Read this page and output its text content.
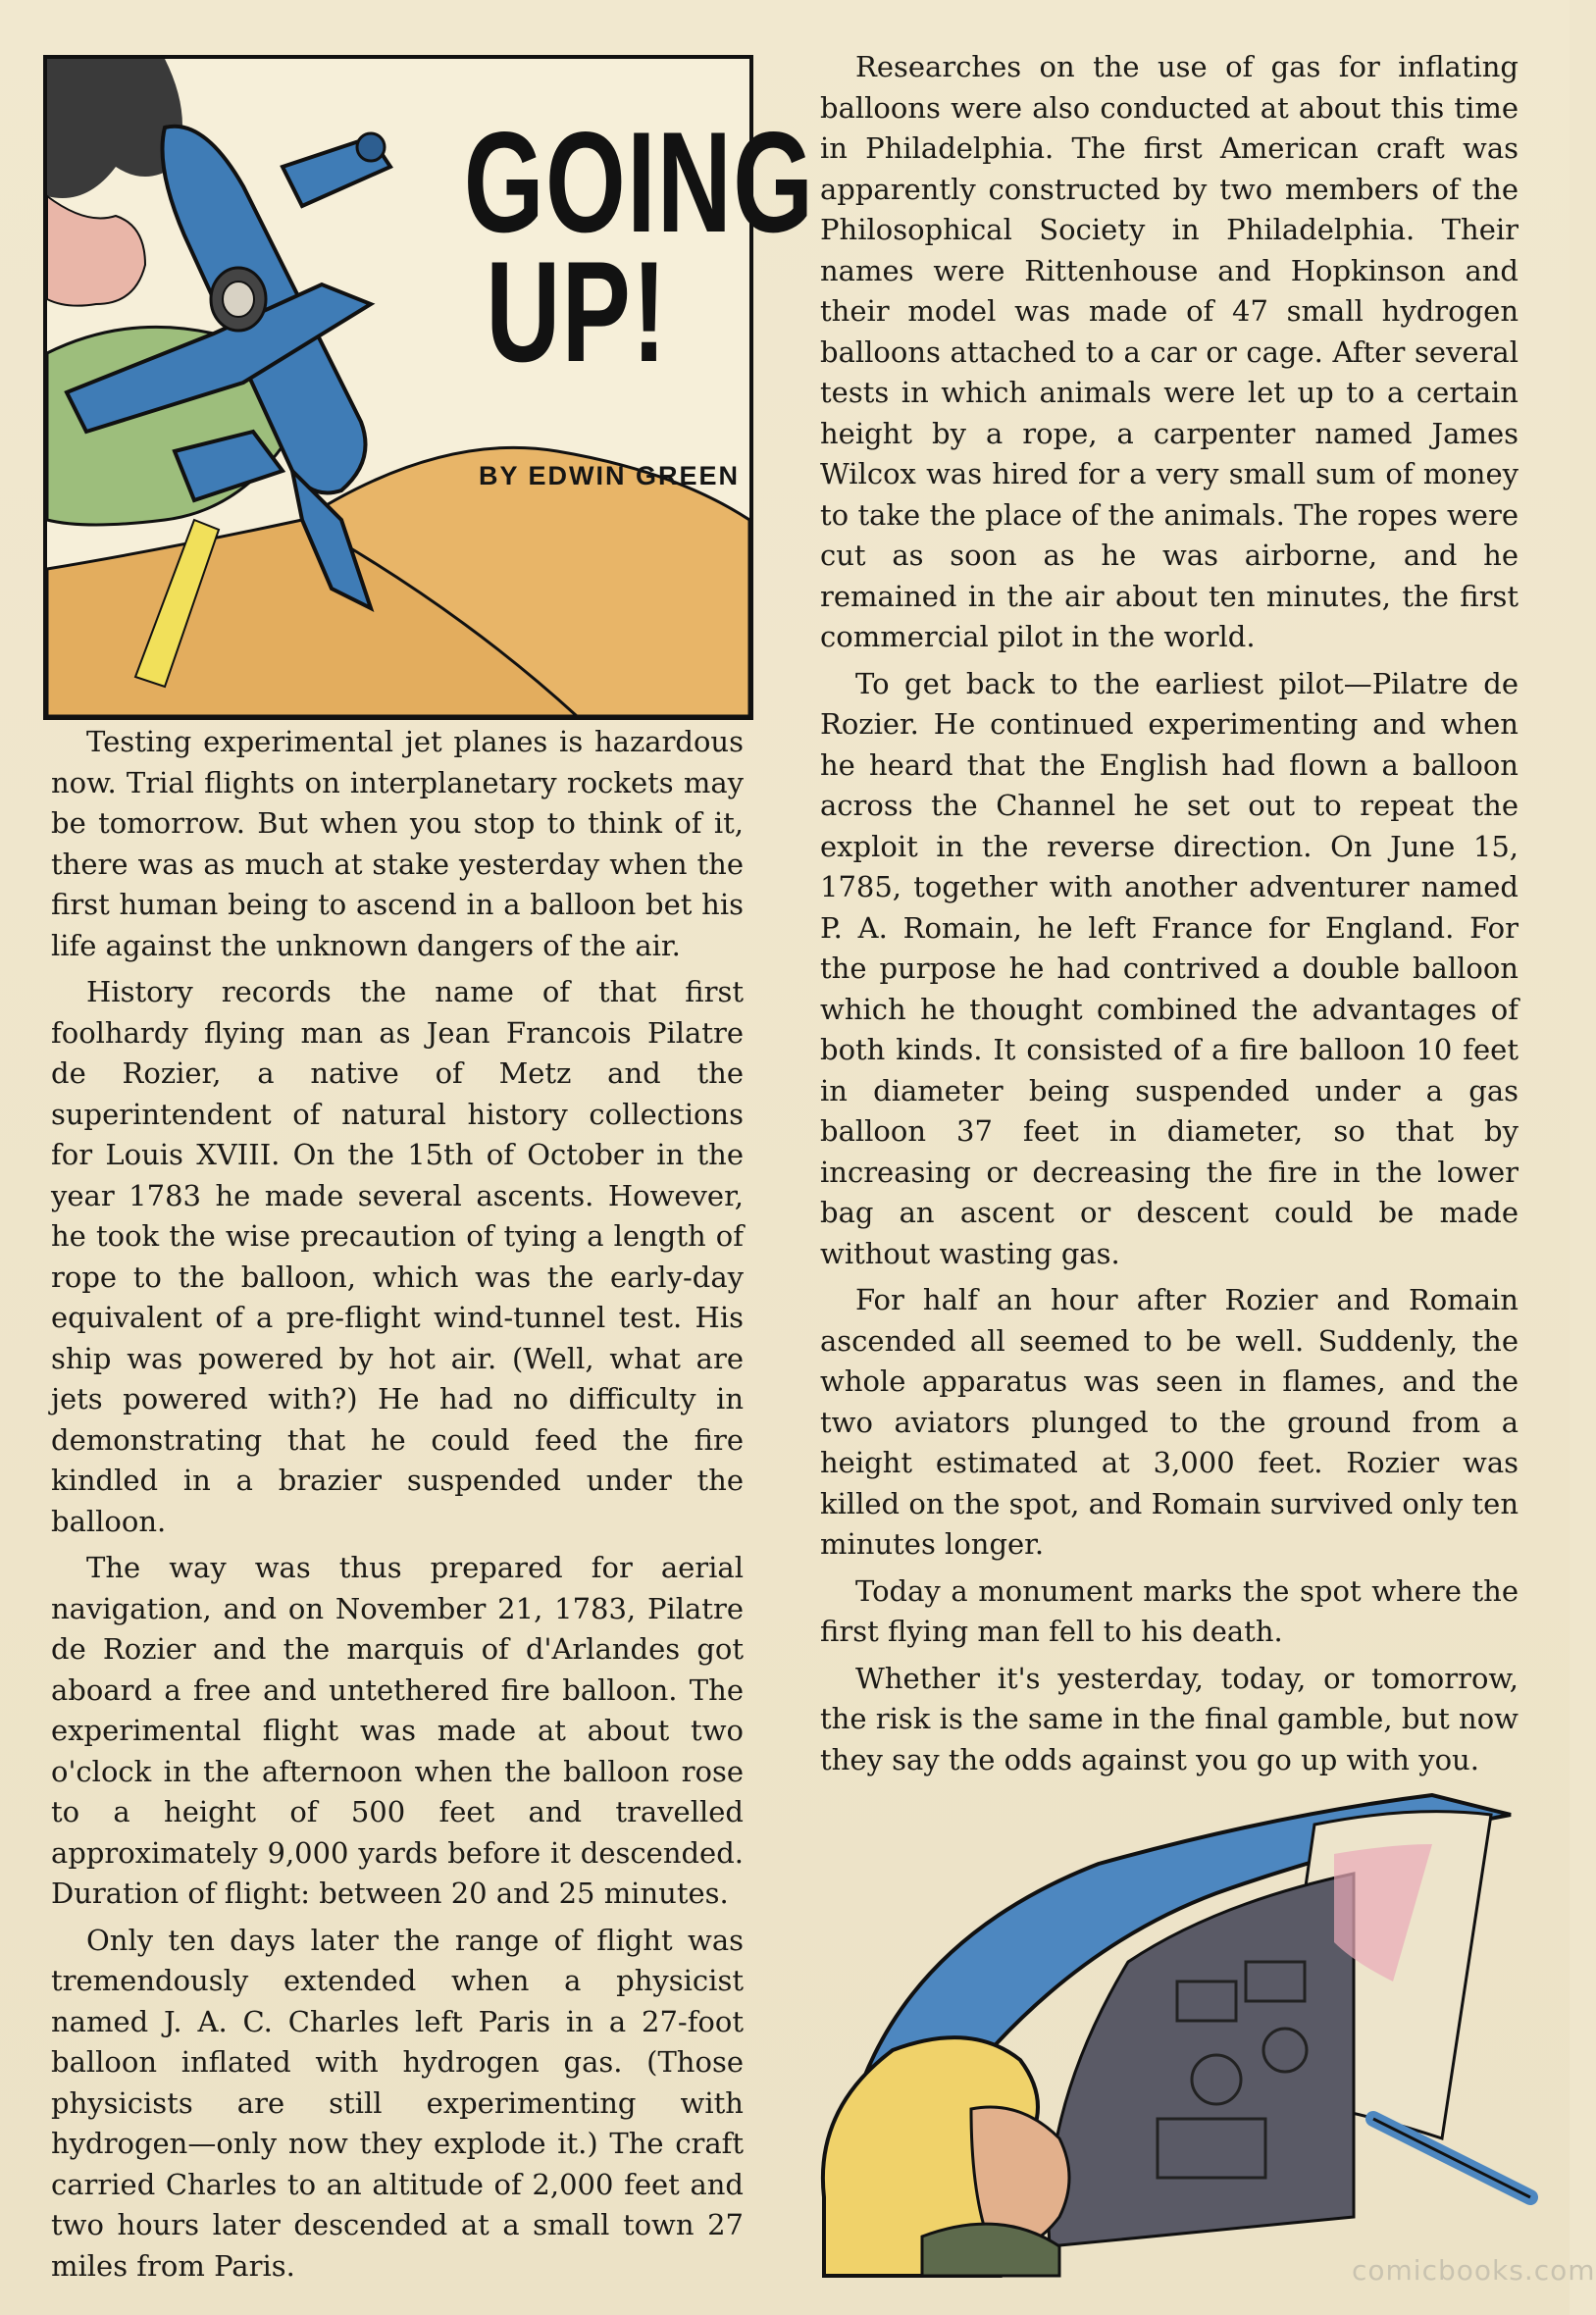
GOING
UP!
BY EDWIN GREEN

Testing experimental jet planes is hazardous now. Trial flights on interplanetary rockets may be tomorrow. But when you stop to think of it, there was as much at stake yesterday when the first human being to ascend in a balloon bet his life against the unknown dangers of the air.

History records the name of that first foolhardy flying man as Jean Francois Pilatre de Rozier, a native of Metz and the superintendent of natural history collections for Louis XVIII. On the 15th of October in the year 1783 he made several ascents. However, he took the wise precaution of tying a length of rope to the balloon, which was the early-day equivalent of a pre-flight wind-tunnel test. His ship was powered by hot air. (Well, what are jets powered with?) He had no difficulty in demonstrating that he could feed the fire kindled in a brazier suspended under the balloon.

The way was thus prepared for aerial navigation, and on November 21, 1783, Pilatre de Rozier and the marquis of d'Arlandes got aboard a free and untethered fire balloon. The experimental flight was made at about two o'clock in the afternoon when the balloon rose to a height of 500 feet and travelled approximately 9,000 yards before it descended. Duration of flight: between 20 and 25 minutes.

Only ten days later the range of flight was tremendously extended when a physicist named J. A. C. Charles left Paris in a 27-foot balloon inflated with hydrogen gas. (Those physicists are still experimenting with hydrogen—only now they explode it.) The craft carried Charles to an altitude of 2,000 feet and two hours later descended at a small town 27 miles from Paris.

Researches on the use of gas for inflating balloons were also conducted at about this time in Philadelphia. The first American craft was apparently constructed by two members of the Philosophical Society in Philadelphia. Their names were Rittenhouse and Hopkinson and their model was made of 47 small hydrogen balloons attached to a car or cage. After several tests in which animals were let up to a certain height by a rope, a carpenter named James Wilcox was hired for a very small sum of money to take the place of the animals. The ropes were cut as soon as he was airborne, and he remained in the air about ten minutes, the first commercial pilot in the world.

To get back to the earliest pilot—Pilatre de Rozier. He continued experimenting and when he heard that the English had flown a balloon across the Channel he set out to repeat the exploit in the reverse direction. On June 15, 1785, together with another adventurer named P. A. Romain, he left France for England. For the purpose he had contrived a double balloon which he thought combined the advantages of both kinds. It consisted of a fire balloon 10 feet in diameter being suspended under a gas balloon 37 feet in diameter, so that by increasing or decreasing the fire in the lower bag an ascent or descent could be made without wasting gas.

For half an hour after Rozier and Romain ascended all seemed to be well. Suddenly, the whole apparatus was seen in flames, and the two aviators plunged to the ground from a height estimated at 3,000 feet. Rozier was killed on the spot, and Romain survived only ten minutes longer.

Today a monument marks the spot where the first flying man fell to his death.

Whether it's yesterday, today, or tomorrow, the risk is the same in the final gamble, but now they say the odds against you go up with you.

comicbooks.com
